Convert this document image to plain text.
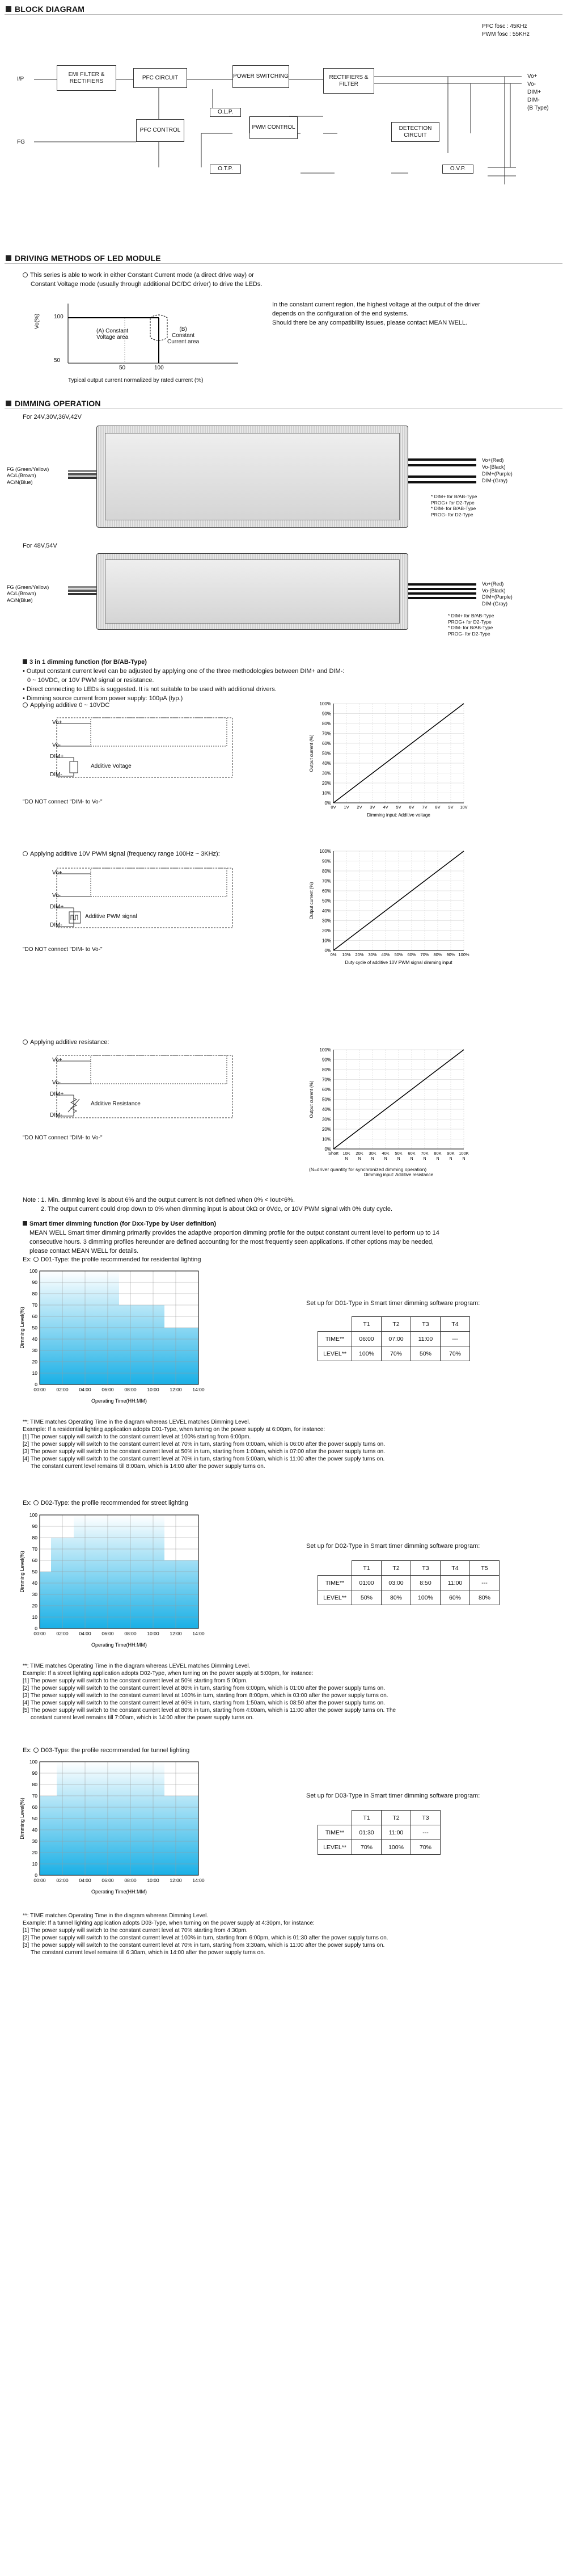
BLOCK DIAGRAM
PFC fosc : 45KHz
PWM fosc : 55KHz
I/P
FG
EMI FILTER & RECTIFIERS
PFC CIRCUIT	POWER SWITCHING	RECTIFIERS & FILTER
O.L.P.
PWM CONTROL
PFC CONTROL
O.T.P.
DETECTION CIRCUIT
O.V.P.
Vo+
Vo-
DIM+
DIM-
(B Type)
DRIVING METHODS OF LED MODULE
This series is able to work in either Constant Current mode (a direct drive way) or
Constant Voltage mode (usually through additional DC/DC driver) to drive the LEDs.
Vo(%) 100
50
50	100
(A) Constant
Voltage area
(B)
Constant
Current area
Typical output current normalized by rated current (%)
In the constant current region, the highest voltage at the output of the driver
depends on the configuration of the end systems.
Should there be any compatibility issues, please contact MEAN WELL.
DIMMING OPERATION
For 24V,30V,36V,42V
FG (Green/Yellow)
AC/L(Brown)
AC/N(Blue)
Vo+(Red)
Vo-(Black)
DIM+(Purple)
DIM-(Gray)
* DIM+ for B/AB-Type
PROG+ for D2-Type
* DIM- for B/AB-Type
PROG- for D2-Type
For 48V,54V
FG (Green/Yellow)
AC/L(Brown)
AC/N(Blue)
Vo+(Red)
Vo-(Black)
DIM+(Purple)
DIM-(Gray)
* DIM+ for B/AB-Type
PROG+ for D2-Type
* DIM- for B/AB-Type
PROG- for D2-Type
3 in 1 dimming function (for B/AB-Type)
• Output constant current level can be adjusted by applying one of the three methodologies between DIM+ and DIM-:
0 ~ 10VDC, or 10V PWM signal or resistance.
• Direct connecting to LEDs is suggested. It is not suitable to be used with additional drivers.
• Dimming source current from power supply: 100μA (typ.)
Applying additive 0 ~ 10VDC
Vo+
Vo-
DIM+
DIM-
Additive Voltage
"DO NOT connect "DIM- to Vo-"
Applying additive 10V PWM signal (frequency range 100Hz ~ 3KHz):
Vo+
Vo-
DIM+
DIM-
Additive PWM signal
"DO NOT connect "DIM- to Vo-"
Applying additive resistance:
Vo+
Vo-
DIM+
DIM-
Additive Resistance
"DO NOT connect "DIM- to Vo-"
0%
10%
20%
30%
40%
50%
60%
70%
80%
90%
100%
0V 1V 2V 3V 4V 5V 6V 7V 8V 9V 10V
Output current (%)
Dimming input: Additive voltage
0%
10%
20%
30%
40%
50%
60%
70%
80%
90%
100%
0% 10% 20% 30% 40% 50% 60% 70% 80% 90% 100%
Output current (%)
Duty cycle of additive 10V PWM signal dimming input
0%
10%
20%
30%
40%
50%
60%
70%
80%
90%
100%
Short 10K
N
20K
N
30K
N
40K
N
50K
N
60K
N
70K
N
80K
N
90K
N
100K
N
Output current (%)
Dimming input: Additive resistance
(N=driver quantity for synchronized dimming operation)
Note : 1. Min. dimming level is about 6% and the output current is not defined when 0% < Iout<6%.
2. The output current could drop down to 0% when dimming input is about 0kΩ or 0Vdc, or 10V PWM signal with 0% duty cycle.
Smart timer dimming function (for Dxx-Type by User definition)
MEAN WELL Smart timer dimming primarily provides the adaptive proportion dimming profile for the output constant current level to perform up to 14
consecutive hours. 3 dimming profiles hereunder are defined accounting for the most frequently seen applications. If other options may be needed,
please contact MEAN WELL for details.
Ex: D01-Type: the profile recommended for residential lighting
0
10
20
30
40
50
60
70
80
90
100
00:00 02:00 04:00 06:00 08:00 10:00 12:00 14:00
Dimming Level(%)
Operating Time(HH:MM)
Set up for D01-Type in Smart timer dimming software program:
	T1	T2	T3	T4
TIME**	06:00	07:00	11:00	---
LEVEL**	100%	70%	50%	70%
**: TIME matches Operating Time in the diagram whereas LEVEL matches Dimming Level.
Example: If a residential lighting application adopts D01-Type, when turning on the power supply at 6:00pm, for instance:
[1] The power supply will switch to the constant current level at 100% starting from 6:00pm.
[2] The power supply will switch to the constant current level at 70% in turn, starting from 0:00am, which is 06:00 after the power supply turns on.
[3] The power supply will switch to the constant current level at 50% in turn, starting from 1:00am, which is 07:00 after the power supply turns on.
[4] The power supply will switch to the constant current level at 70% in turn, starting from 5:00am, which is 11:00 after the power supply turns on.
The constant current level remains till 8:00am, which is 14:00 after the power supply turns on.
Ex: D02-Type: the profile recommended for street lighting
0
10
20
30
40
50
60
70
80
90
100
00:00 02:00 04:00 06:00 08:00 10:00 12:00 14:00
Dimming Level(%)
Operating Time(HH:MM)
Set up for D02-Type in Smart timer dimming software program:
	T1	T2	T3	T4	T5
TIME**	01:00	03:00	8:50	11:00	---
LEVEL**	50%	80%	100%	60%	80%
**: TIME matches Operating Time in the diagram whereas LEVEL matches Dimming Level.
Example: If a street lighting application adopts D02-Type, when turning on the power supply at 5:00pm, for instance:
[1] The power supply will switch to the constant current level at 50% starting from 5:00pm.
[2] The power supply will switch to the constant current level at 80% in turn, starting from 6:00pm, which is 01:00 after the power supply turns on.
[3] The power supply will switch to the constant current level at 100% in turn, starting from 8:00pm, which is 03:00 after the power supply turns on.
[4] The power supply will switch to the constant current level at 60% in turn, starting from 1:50am, which is 08:50 after the power supply turns on.
[5] The power supply will switch to the constant current level at 80% in turn, starting from 4:00am, which is 11:00 after the power supply turns on. The
constant current level remains till 7:00am, which is 14:00 after the power supply turns on.
Ex: D03-Type: the profile recommended for tunnel lighting
0
10
20
30
40
50
60
70
80
90
100
00:00 02:00 04:00 06:00 08:00 10:00 12:00 14:00
Dimming Level(%)
Operating Time(HH:MM)
Set up for D03-Type in Smart timer dimming software program:
	T1	T2	T3
TIME**	01:30	11:00	---
LEVEL**	70%	100%	70%
**: TIME matches Operating Time in the diagram whereas Dimming Level.
Example: If a tunnel lighting application adopts D03-Type, when turning on the power supply at 4:30pm, for instance:
[1] The power supply will switch to the constant current level at 70% starting from 4:30pm.
[2] The power supply will switch to the constant current level at 100% in turn, starting from 6:00pm, which is 01:30 after the power supply turns on.
[3] The power supply will switch to the constant current level at 70% in turn, starting from 3:30am, which is 11:00 after the power supply turns on.
The constant current level remains till 6:30am, which is 14:00 after the power supply turns on.
